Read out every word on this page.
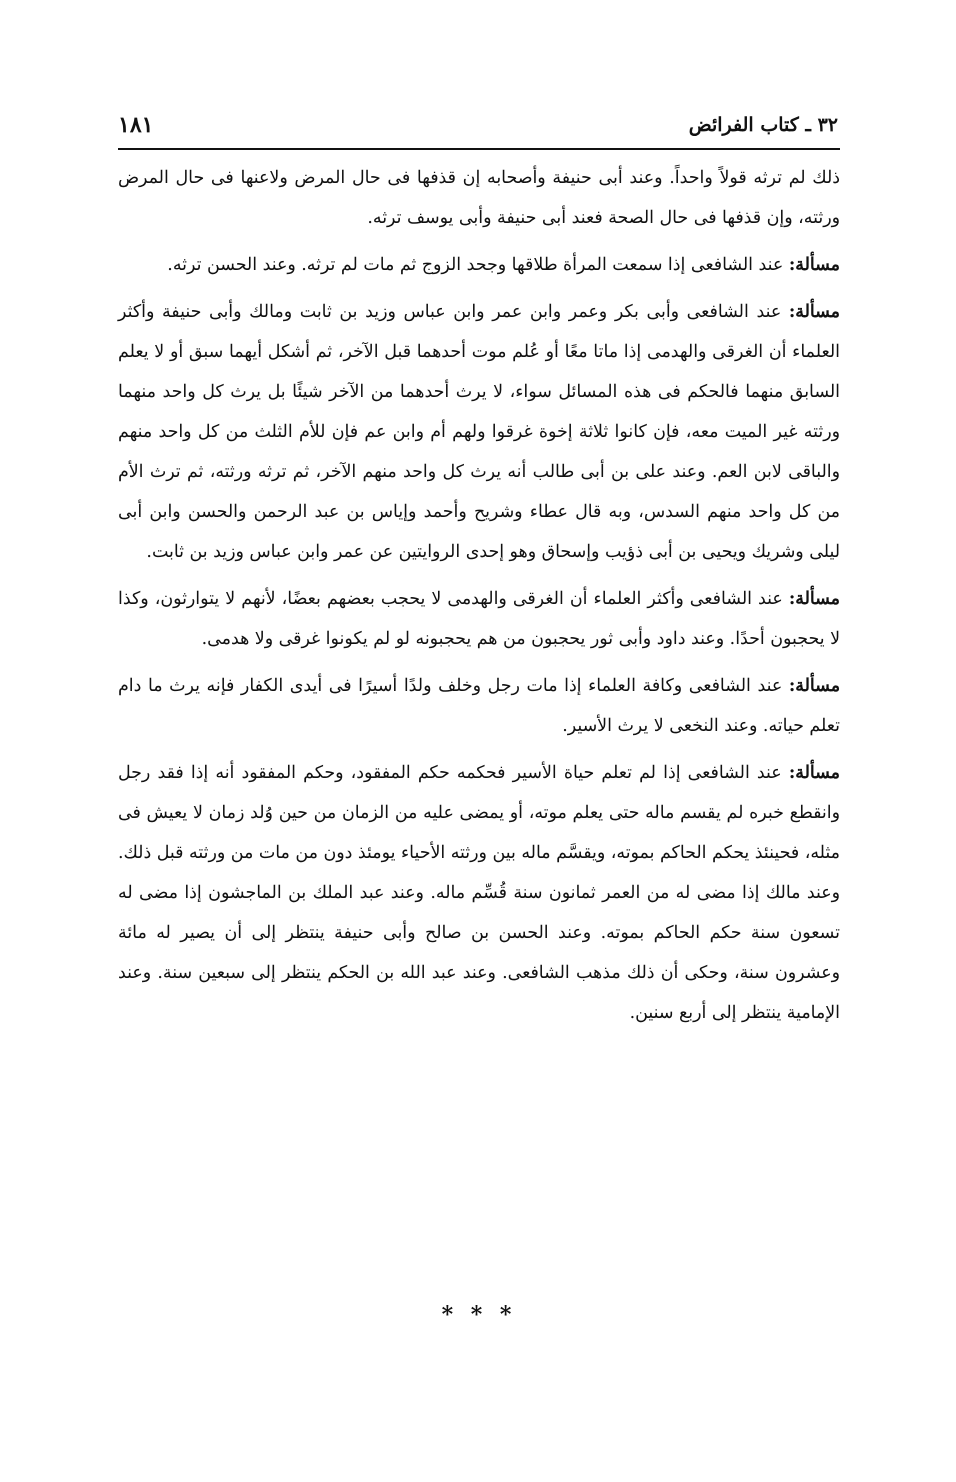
٣٢ ـ كتاب الفرائض
١٨١

ذلك لم ترثه قولاً واحداً. وعند أبى حنيفة وأصحابه إن قذفها فى حال المرض ولاعنها فى حال المرض ورثته، وإن قذفها فى حال الصحة فعند أبى حنيفة وأبى يوسف ترثه.

مسألة: عند الشافعى إذا سمعت المرأة طلاقها وجحد الزوج ثم مات لم ترثه. وعند الحسن ترثه.

مسألة: عند الشافعى وأبى بكر وعمر وابن عمر وابن عباس وزيد بن ثابت ومالك وأبى حنيفة وأكثر العلماء أن الغرقى والهدمى إذا ماتا معًا أو عُلم موت أحدهما قبل الآخر، ثم أشكل أيهما سبق أو لا يعلم السابق منهما فالحكم فى هذه المسائل سواء، لا يرث أحدهما من الآخر شيئًا بل يرث كل واحد منهما ورثته غير الميت معه، فإن كانوا ثلاثة إخوة غرقوا ولهم أم وابن عم فإن للأم الثلث من كل واحد منهم والباقى لابن العم. وعند على بن أبى طالب أنه يرث كل واحد منهم الآخر، ثم ترثه ورثته، ثم ترث الأم من كل واحد منهم السدس، وبه قال عطاء وشريح وأحمد وإياس بن عبد الرحمن والحسن وابن أبى ليلى وشريك ويحيى بن أبى ذؤيب وإسحاق وهو إحدى الروايتين عن عمر وابن عباس وزيد بن ثابت.

مسألة: عند الشافعى وأكثر العلماء أن الغرقى والهدمى لا يحجب بعضهم بعضًا، لأنهم لا يتوارثون، وكذا لا يحجبون أحدًا. وعند داود وأبى ثور يحجبون من هم يحجبونه لو لم يكونوا غرقى ولا هدمى.

مسألة: عند الشافعى وكافة العلماء إذا مات رجل وخلف ولدًا أسيرًا فى أيدى الكفار فإنه يرث ما دام تعلم حياته. وعند النخعى لا يرث الأسير.

مسألة: عند الشافعى إذا لم تعلم حياة الأسير فحكمه حكم المفقود، وحكم المفقود أنه إذا فقد رجل وانقطع خبره لم يقسم ماله حتى يعلم موته، أو يمضى عليه من الزمان من حين وُلد زمان لا يعيش فى مثله، فحينئذ يحكم الحاكم بموته، ويقسَّم ماله بين ورثته الأحياء يومئذ دون من مات من ورثته قبل ذلك. وعند مالك إذا مضى له من العمر ثمانون سنة قُسِّم ماله. وعند عبد الملك بن الماجشون إذا مضى له تسعون سنة حكم الحاكم بموته. وعند الحسن بن صالح وأبى حنيفة ينتظر إلى أن يصير له مائة وعشرون سنة، وحكى أن ذلك مذهب الشافعى. وعند عبد الله بن الحكم ينتظر إلى سبعين سنة. وعند الإمامية ينتظر إلى أربع سنين.

* * *
